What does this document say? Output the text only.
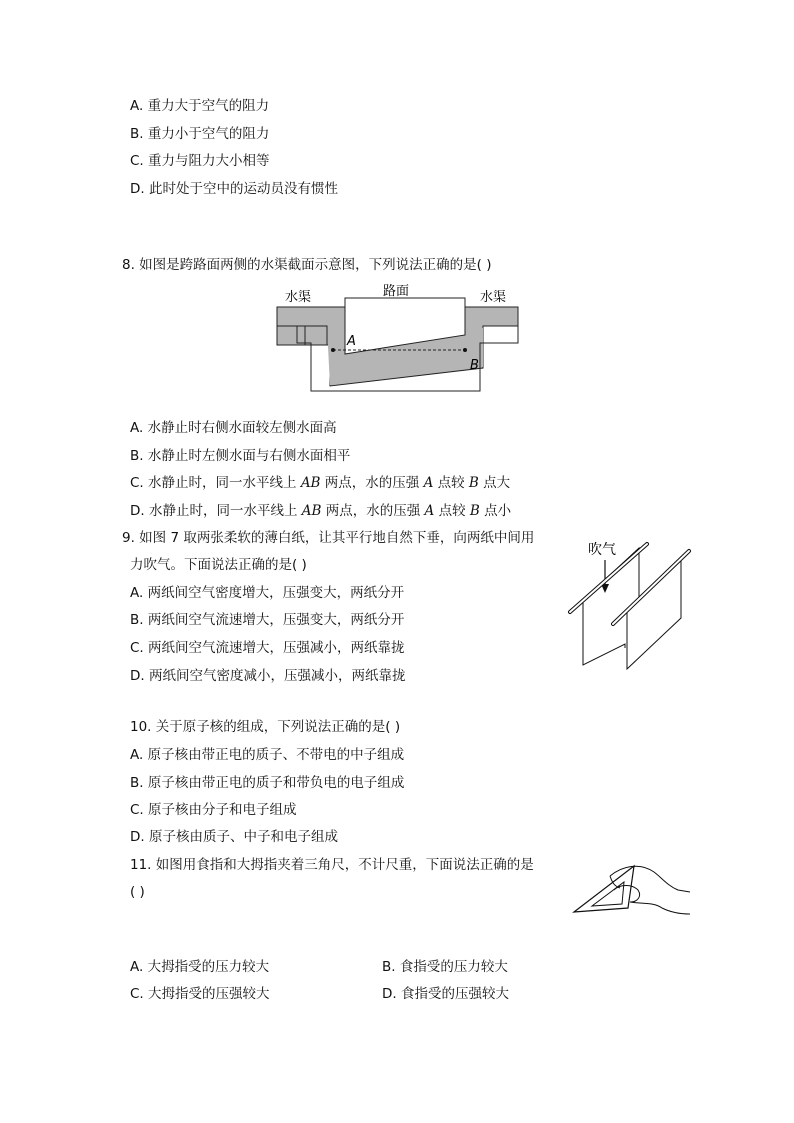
A. 重力大于空气的阻力
B. 重力小于空气的阻力
C. 重力与阻力大小相等
D. 此时处于空中的运动员没有惯性
8. 如图是跨路面两侧的水渠截面示意图，下列说法正确的是( )
A
B
水渠	路面	水渠
A. 水静止时右侧水面较左侧水面高
B. 水静止时左侧水面与右侧水面相平
C. 水静止时，同一水平线上 AB 两点，水的压强 A 点较 B 点大
D. 水静止时，同一水平线上 AB 两点，水的压强 A 点较 B 点小
9. 如图 7 取两张柔软的薄白纸，让其平行地自然下垂，向两纸中间用
力吹气。下面说法正确的是( )
吹气
A. 两纸间空气密度增大，压强变大，两纸分开
B. 两纸间空气流速增大，压强变大，两纸分开
C. 两纸间空气流速增大，压强减小，两纸靠拢
D. 两纸间空气密度减小，压强减小，两纸靠拢
10. 关于原子核的组成，下列说法正确的是( )
A. 原子核由带正电的质子、不带电的中子组成
B. 原子核由带正电的质子和带负电的电子组成
C. 原子核由分子和电子组成
D. 原子核由质子、中子和电子组成
11. 如图用食指和大拇指夹着三角尺，不计尺重，下面说法正确的是
( )
A. 大拇指受的压力较大	B. 食指受的压力较大
C. 大拇指受的压强较大	D. 食指受的压强较大
